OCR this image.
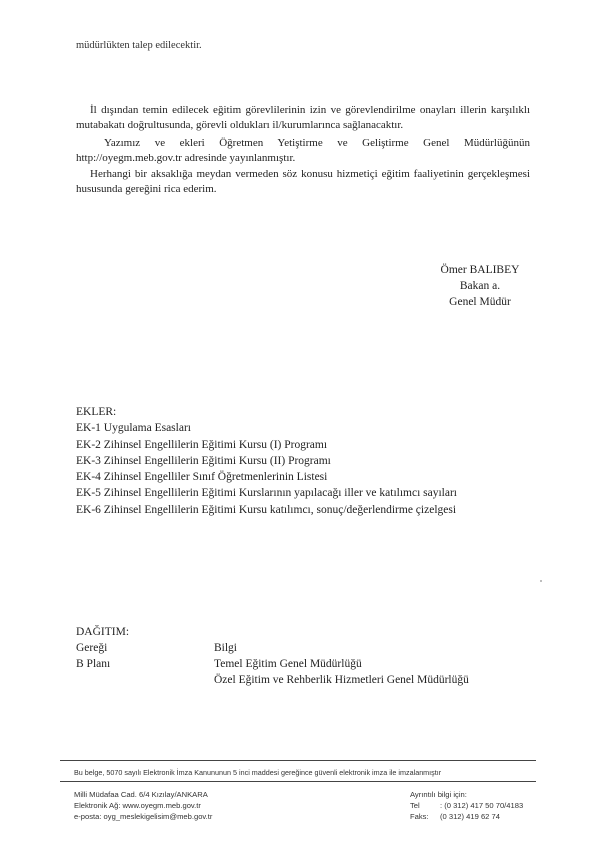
müdürlükten talep edilecektir.
İl dışından temin edilecek eğitim görevlilerinin izin ve görevlendirilme onayları illerin karşılıklı mutabakatı doğrultusunda, görevli oldukları il/kurumlarınca sağlanacaktır.
Yazımız ve ekleri Öğretmen Yetiştirme ve Geliştirme Genel Müdürlüğünün http://oyegm.meb.gov.tr adresinde yayınlanmıştır.
Herhangi bir aksaklığa meydan vermeden söz konusu hizmetiçi eğitim faaliyetinin gerçekleşmesi hususunda gereğini rica ederim.
Ömer BALIBEY
Bakan a.
Genel Müdür
EKLER:
EK-1 Uygulama Esasları
EK-2 Zihinsel Engellilerin Eğitimi Kursu (I) Programı
EK-3 Zihinsel Engellilerin Eğitimi Kursu (II) Programı
EK-4 Zihinsel Engelliler Sınıf Öğretmenlerinin Listesi
EK-5 Zihinsel Engellilerin Eğitimi Kurslarının yapılacağı iller ve katılımcı sayıları
EK-6 Zihinsel Engellilerin Eğitimi Kursu katılımcı, sonuç/değerlendirme çizelgesi
DAĞITIM:
Gereği
B Planı
Bilgi
Temel Eğitim Genel Müdürlüğü
Özel Eğitim ve Rehberlik Hizmetleri Genel Müdürlüğü
Bu belge, 5070 sayılı Elektronik İmza Kanununun 5 inci maddesi gereğince güvenli elektronik imza ile imzalanmıştır
Milli Müdafaa Cad. 6/4 Kızılay/ANKARA
Elektronik Ağ: www.oyegm.meb.gov.tr
e-posta: oyg_meslekigelisim@meb.gov.tr
Ayrıntılı bilgi için:
Tel	: (0 312) 417 50 70/4183
Faks:	(0 312) 419 62 74
